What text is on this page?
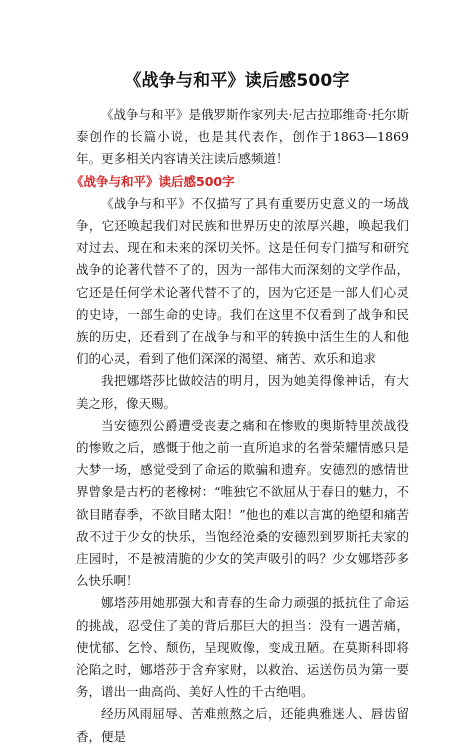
《战争与和平》读后感500字

《战争与和平》是俄罗斯作家列夫·尼古拉耶维奇·托尔斯泰创作的长篇小说，也是其代表作，创作于1863—1869年。更多相关内容请关注读后感频道！

《战争与和平》读后感500字

《战争与和平》不仅描写了具有重要历史意义的一场战争，它还唤起我们对民族和世界历史的浓厚兴趣，唤起我们对过去、现在和未来的深切关怀。这是任何专门描写和研究战争的论著代替不了的，因为一部伟大而深刻的文学作品，它还是任何学术论著代替不了的，因为它还是一部人们心灵的史诗，一部生命的史诗。我们在这里不仅看到了战争和民族的历史，还看到了在战争与和平的转换中活生生的人和他们的心灵，看到了他们深深的渴望、痛苦、欢乐和追求

我把娜塔莎比做皎洁的明月，因为她美得像神话，有大美之形，像天赐。

当安德烈公爵遭受丧妻之痛和在惨败的奥斯特里茨战役的惨败之后，感慨于他之前一直所追求的名誉荣耀情感只是大梦一场，感觉受到了命运的欺骗和遗弃。安德烈的感情世界曾象是古朽的老橡树：“唯独它不欲屈从于春日的魅力，不欲目睹春季，不欲目睹太阳！”他也的难以言寓的绝望和痛苦敌不过于少女的快乐，当饱经沧桑的安德烈到罗斯托夫家的庄园时，不是被清脆的少女的笑声吸引的吗？少女娜塔莎多么快乐啊！

娜塔莎用她那强大和青春的生命力顽强的抵抗住了命运的挑战，忍受住了美的背后那巨大的担当：没有一遇苦痛，使忧郁、乞怜、颓伤，呈现败像，变成丑陋。在莫斯科即将沦陷之时，娜塔莎于含弃家财，以救治、运送伤员为第一要务，谱出一曲高尚、美好人性的千古绝唱。

经历风雨屈辱、苦难煎熬之后，还能典雅迷人、唇齿留香，便是
